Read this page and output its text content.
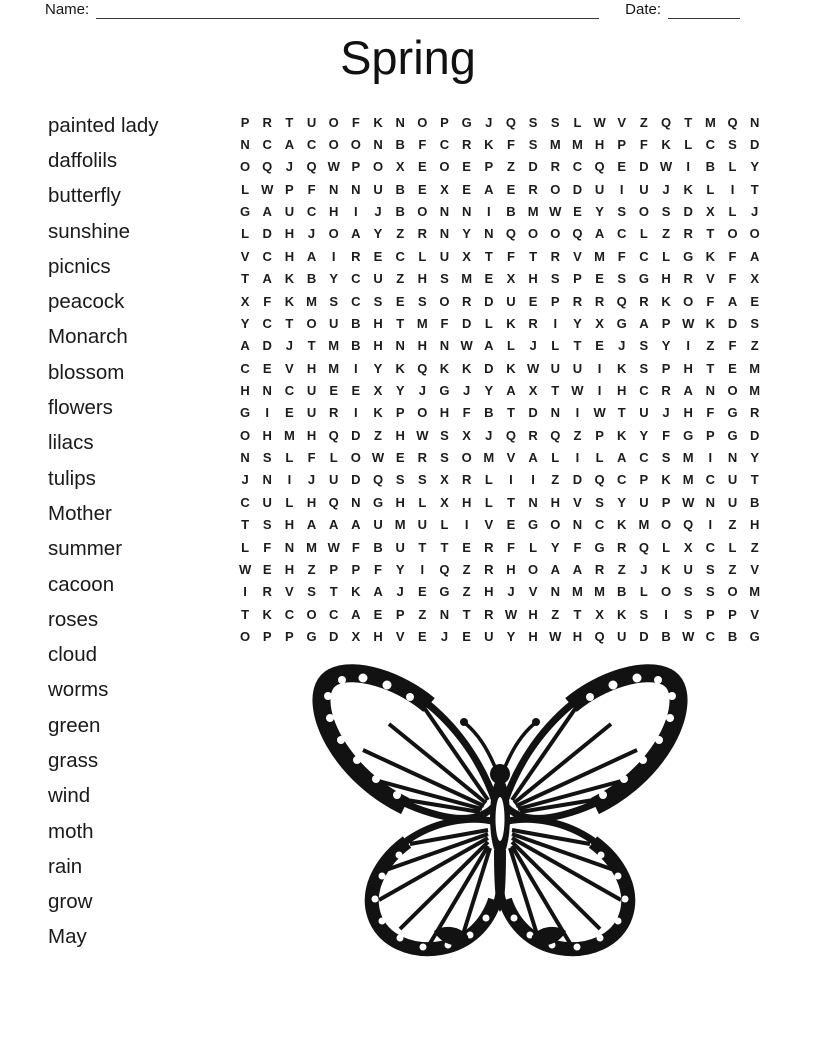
Name:	Date:
Spring
painted lady
daffolils
butterfly
sunshine
picnics
peacock
Monarch
blossom
flowers
lilacs
tulips
Mother
summer
cacoon
roses
cloud
worms
green
grass
wind
moth
rain
grow
May
P	R	T	U O	F	K N O P G	J	Q S	S	L W V	Z	Q	T M Q N
N C A C O O N B	F	C R K	F	S M M H	P	F	K	L	C	S	D
O Q	J	Q W P O X	E O E	P	Z	D R C Q E	D W	I	B	L	Y
L W P	F	N N U B	E	X	E	A	E	R O D U	I	U	J	K	L	I	T
G A U C H	I	J	B O N N	I	B M W E	Y	S O S	D	X	L	J
L	D H	J	O A	Y	Z	R N	Y	N Q O O Q A C	L	Z	R	T	O O
V	C H A	I	R	E	C	L	U	X	T	F	T	R	V M F	C	L	G K	F	A
T	A K B	Y	C U	Z	H	S M E	X	H	S	P	E	S G H R	V	F	X
X	F	K M S	C	S	E	S O R D U	E	P	R R Q R K O	F	A	E
Y	C	T	O U B H	T M F	D	L	K R	I	Y	X G A	P W K D	S
A D	J	T M B H N H N W A	L	J	L	T	E	J	S	Y	I	Z	F	Z
C	E	V	H M	I	Y	K Q K K D K W U U	I	K	S	P	H	T	E M
H N C U	E	E	X	Y	J	G	J	Y	A	X	T W	I	H C R A N O M
G	I	E	U R	I	K	P O H	F	B	T	D N	I	W T	U	J	H	F	G R
O H M H Q D	Z	H W S	X	J	Q R Q	Z	P	K	Y	F	G P G D
N	S	L	F	L	O W E	R	S O M V	A	L	I	L	A C	S M	I	N	Y
J	N	I	J	U D Q S	S	X	R	L	I	I	Z	D Q C	P	K M C U	T
C U	L	H Q N G H	L	X	H	L	T	N H	V	S	Y	U	P W N U B
T	S	H A A A U M U	L	I	V	E G O N C K M O Q	I	Z	H
L	F	N M W F	B U	T	T	E	R	F	L	Y	F	G R Q	L	X	C	L	Z
W E	H	Z	P	P	F	Y	I	Q	Z	R H O A A R	Z	J	K U	S	Z	V
I	R	V	S	T	K A	J	E G	Z	H	J	V	N M M B	L	O S	S O M
T	K C O C A	E	P	Z	N	T	R W H	Z	T	X	K	S	I	S	P	P	V
O P	P G D	X	H	V	E	J	E	U	Y	H W H Q U D B W C B G
